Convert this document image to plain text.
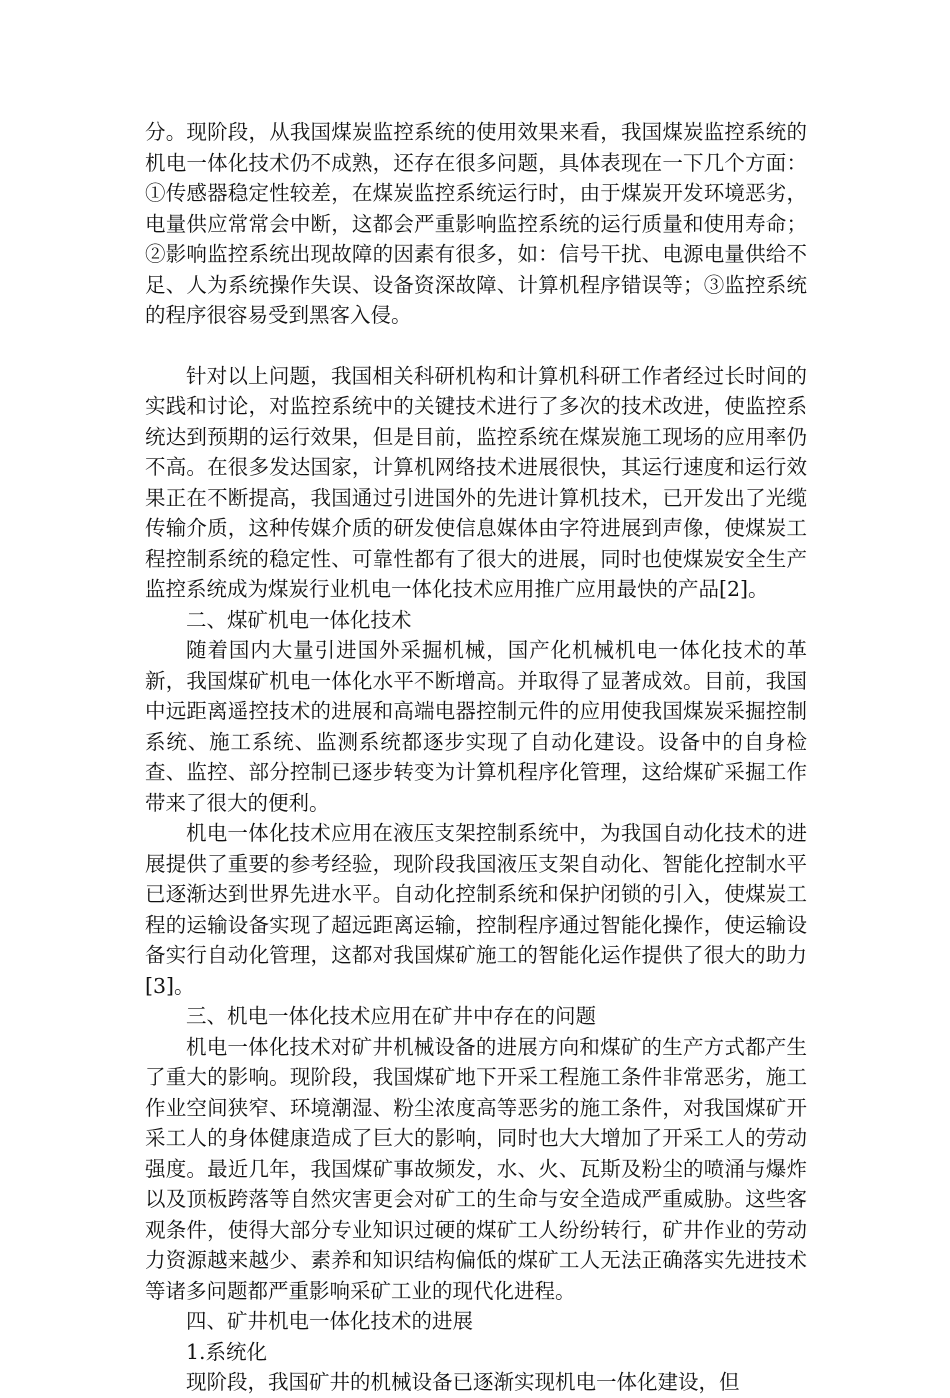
分。现阶段，从我国煤炭监控系统的使用效果来看，我国煤炭监控系统的机电一体化技术仍不成熟，还存在很多问题，具体表现在一下几个方面：①传感器稳定性较差，在煤炭监控系统运行时，由于煤炭开发环境恶劣，电量供应常常会中断，这都会严重影响监控系统的运行质量和使用寿命；②影响监控系统出现故障的因素有很多，如：信号干扰、电源电量供给不足、人为系统操作失误、设备资深故障、计算机程序错误等；③监控系统的程序很容易受到黑客入侵。

针对以上问题，我国相关科研机构和计算机科研工作者经过长时间的实践和讨论，对监控系统中的关键技术进行了多次的技术改进，使监控系统达到预期的运行效果，但是目前，监控系统在煤炭施工现场的应用率仍不高。在很多发达国家，计算机网络技术进展很快，其运行速度和运行效果正在不断提高，我国通过引进国外的先进计算机技术，已开发出了光缆传输介质，这种传媒介质的研发使信息媒体由字符进展到声像，使煤炭工程控制系统的稳定性、可靠性都有了很大的进展，同时也使煤炭安全生产监控系统成为煤炭行业机电一体化技术应用推广应用最快的产品[2]。

二、煤矿机电一体化技术

随着国内大量引进国外采掘机械，国产化机械机电一体化技术的革新，我国煤矿机电一体化水平不断增高。并取得了显著成效。目前，我国中远距离遥控技术的进展和高端电器控制元件的应用使我国煤炭采掘控制系统、施工系统、监测系统都逐步实现了自动化建设。设备中的自身检查、监控、部分控制已逐步转变为计算机程序化管理，这给煤矿采掘工作带来了很大的便利。

机电一体化技术应用在液压支架控制系统中，为我国自动化技术的进展提供了重要的参考经验，现阶段我国液压支架自动化、智能化控制水平已逐渐达到世界先进水平。自动化控制系统和保护闭锁的引入，使煤炭工程的运输设备实现了超远距离运输，控制程序通过智能化操作，使运输设备实行自动化管理，这都对我国煤矿施工的智能化运作提供了很大的助力[3]。

三、机电一体化技术应用在矿井中存在的问题

机电一体化技术对矿井机械设备的进展方向和煤矿的生产方式都产生了重大的影响。现阶段，我国煤矿地下开采工程施工条件非常恶劣，施工作业空间狭窄、环境潮湿、粉尘浓度高等恶劣的施工条件，对我国煤矿开采工人的身体健康造成了巨大的影响，同时也大大增加了开采工人的劳动强度。最近几年，我国煤矿事故频发，水、火、瓦斯及粉尘的喷涌与爆炸以及顶板跨落等自然灾害更会对矿工的生命与安全造成严重威胁。这些客观条件，使得大部分专业知识过硬的煤矿工人纷纷转行，矿井作业的劳动力资源越来越少、素养和知识结构偏低的煤矿工人无法正确落实先进技术等诸多问题都严重影响采矿工业的现代化进程。

四、矿井机电一体化技术的进展

1.系统化

现阶段，我国矿井的机械设备已逐渐实现机电一体化建设，但
